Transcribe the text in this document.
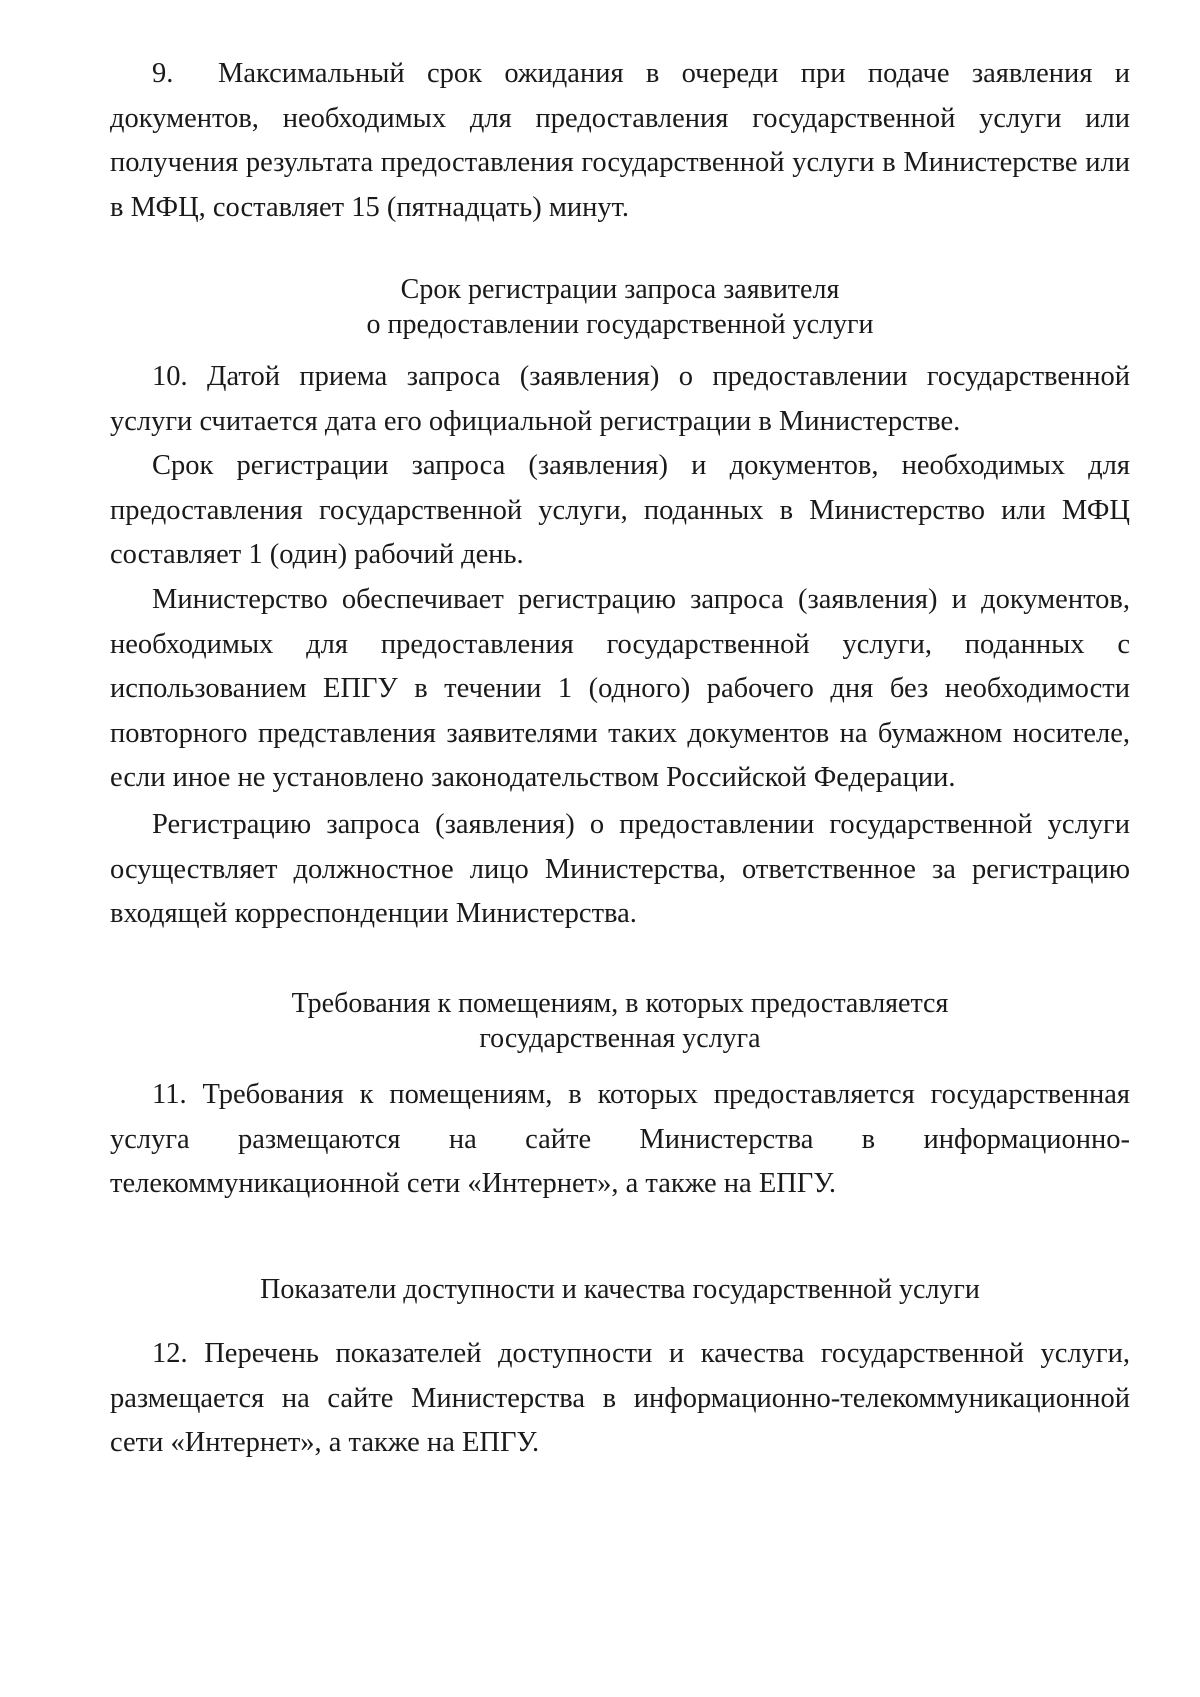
9.  Максимальный срок ожидания в очереди при подаче заявления и документов, необходимых для предоставления государственной услуги или получения результата предоставления государственной услуги в Министерстве или в МФЦ, составляет 15 (пятнадцать) минут.

Срок регистрации запроса заявителя
о предоставлении государственной услуги

10. Датой приема запроса (заявления) о предоставлении государственной услуги считается дата его официальной регистрации в Министерстве.

Срок регистрации запроса (заявления) и документов, необходимых для предоставления государственной услуги, поданных в Министерство или МФЦ составляет 1 (один) рабочий день.

Министерство обеспечивает регистрацию запроса (заявления) и документов, необходимых для предоставления государственной услуги, поданных с использованием ЕПГУ в течении 1 (одного) рабочего дня без необходимости повторного представления заявителями таких документов на бумажном носителе, если иное не установлено законодательством Российской Федерации.

Регистрацию запроса (заявления) о предоставлении государственной услуги осуществляет должностное лицо Министерства, ответственное за регистрацию входящей корреспонденции Министерства.

Требования к помещениям, в которых предоставляется
государственная услуга

11. Требования к помещениям, в которых предоставляется государственная услуга размещаются на сайте Министерства в информационно-телекоммуникационной сети «Интернет», а также на ЕПГУ.

Показатели доступности и качества государственной услуги

12. Перечень показателей доступности и качества государственной услуги, размещается на сайте Министерства в информационно-телекоммуникационной сети «Интернет», а также на ЕПГУ.
